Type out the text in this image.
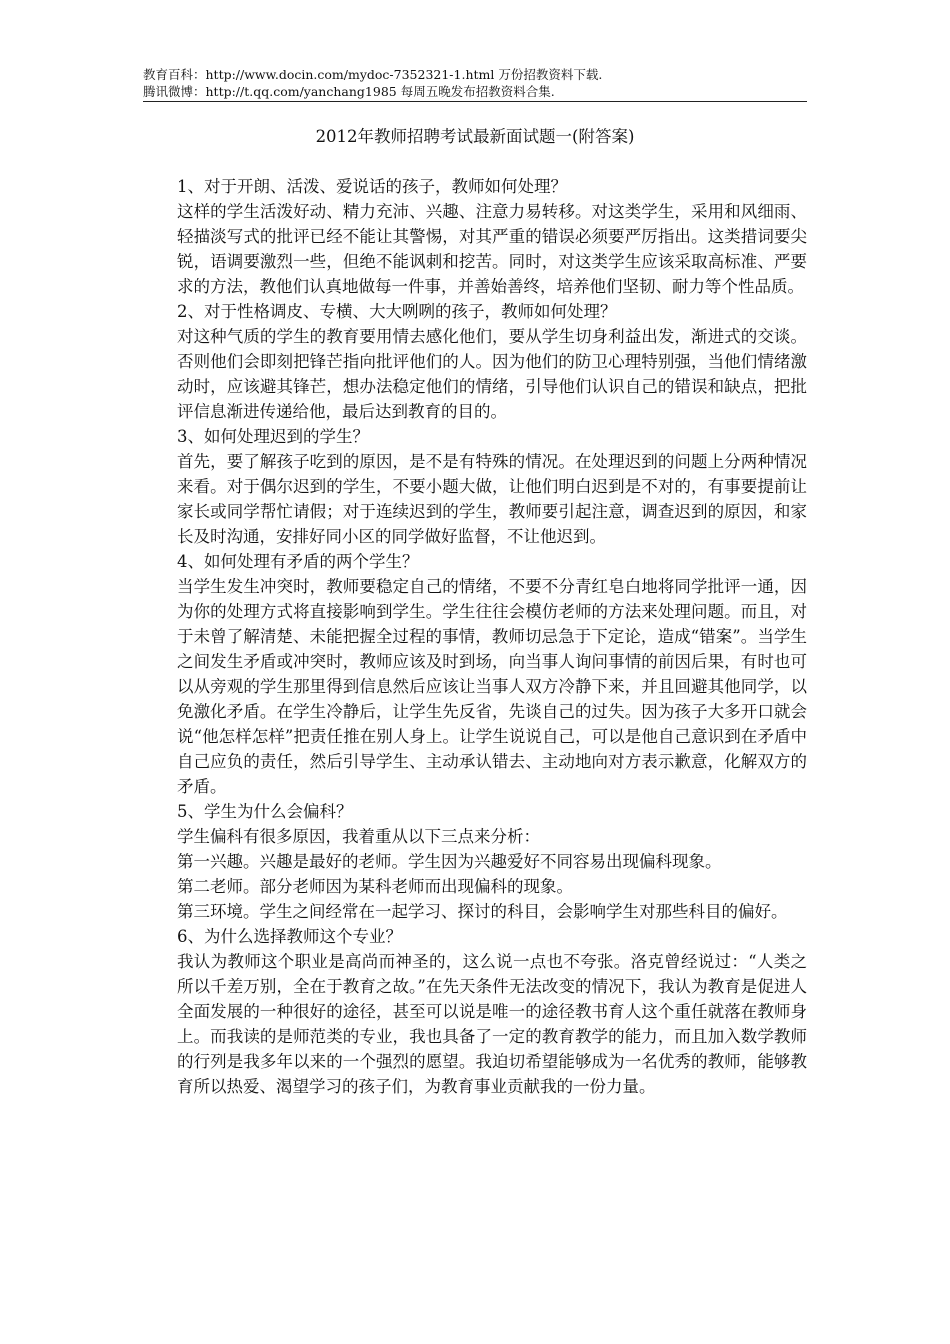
教育百科：http://www.docin.com/mydoc-7352321-1.html 万份招教资料下载.
腾讯微博：http://t.qq.com/yanchang1985 每周五晚发布招教资料合集.
2012年教师招聘考试最新面试题一(附答案)

1、对于开朗、活泼、爱说话的孩子，教师如何处理？

这样的学生活泼好动、精力充沛、兴趣、注意力易转移。对这类学生，采用和风细雨、轻描淡写式的批评已经不能让其警惕，对其严重的错误必须要严厉指出。这类措词要尖锐，语调要激烈一些，但绝不能讽刺和挖苦。同时，对这类学生应该采取高标准、严要求的方法，教他们认真地做每一件事，并善始善终，培养他们坚韧、耐力等个性品质。

2、对于性格调皮、专横、大大咧咧的孩子，教师如何处理？

对这种气质的学生的教育要用情去感化他们，要从学生切身利益出发，渐进式的交谈。否则他们会即刻把锋芒指向批评他们的人。因为他们的防卫心理特别强，当他们情绪激动时，应该避其锋芒，想办法稳定他们的情绪，引导他们认识自己的错误和缺点，把批评信息渐进传递给他，最后达到教育的目的。

3、如何处理迟到的学生？

首先，要了解孩子吃到的原因，是不是有特殊的情况。在处理迟到的问题上分两种情况来看。对于偶尔迟到的学生，不要小题大做，让他们明白迟到是不对的，有事要提前让家长或同学帮忙请假；对于连续迟到的学生，教师要引起注意，调查迟到的原因，和家长及时沟通，安排好同小区的同学做好监督，不让他迟到。

4、如何处理有矛盾的两个学生？

当学生发生冲突时，教师要稳定自己的情绪，不要不分青红皂白地将同学批评一通，因为你的处理方式将直接影响到学生。学生往往会模仿老师的方法来处理问题。而且，对于未曾了解清楚、未能把握全过程的事情，教师切忌急于下定论，造成“错案”。当学生之间发生矛盾或冲突时，教师应该及时到场，向当事人询问事情的前因后果，有时也可以从旁观的学生那里得到信息然后应该让当事人双方冷静下来，并且回避其他同学，以免激化矛盾。在学生冷静后，让学生先反省，先谈自己的过失。因为孩子大多开口就会说“他怎样怎样”把责任推在别人身上。让学生说说自己，可以是他自己意识到在矛盾中自己应负的责任，然后引导学生、主动承认错去、主动地向对方表示歉意，化解双方的矛盾。

5、学生为什么会偏科？

学生偏科有很多原因，我着重从以下三点来分析：

第一兴趣。兴趣是最好的老师。学生因为兴趣爱好不同容易出现偏科现象。

第二老师。部分老师因为某科老师而出现偏科的现象。

第三环境。学生之间经常在一起学习、探讨的科目，会影响学生对那些科目的偏好。

6、为什么选择教师这个专业？

我认为教师这个职业是高尚而神圣的，这么说一点也不夸张。洛克曾经说过：“人类之所以千差万别，全在于教育之故。”在先天条件无法改变的情况下，我认为教育是促进人全面发展的一种很好的途径，甚至可以说是唯一的途径教书育人这个重任就落在教师身上。而我读的是师范类的专业，我也具备了一定的教育教学的能力，而且加入数学教师的行列是我多年以来的一个强烈的愿望。我迫切希望能够成为一名优秀的教师，能够教育所以热爱、渴望学习的孩子们，为教育事业贡献我的一份力量。
